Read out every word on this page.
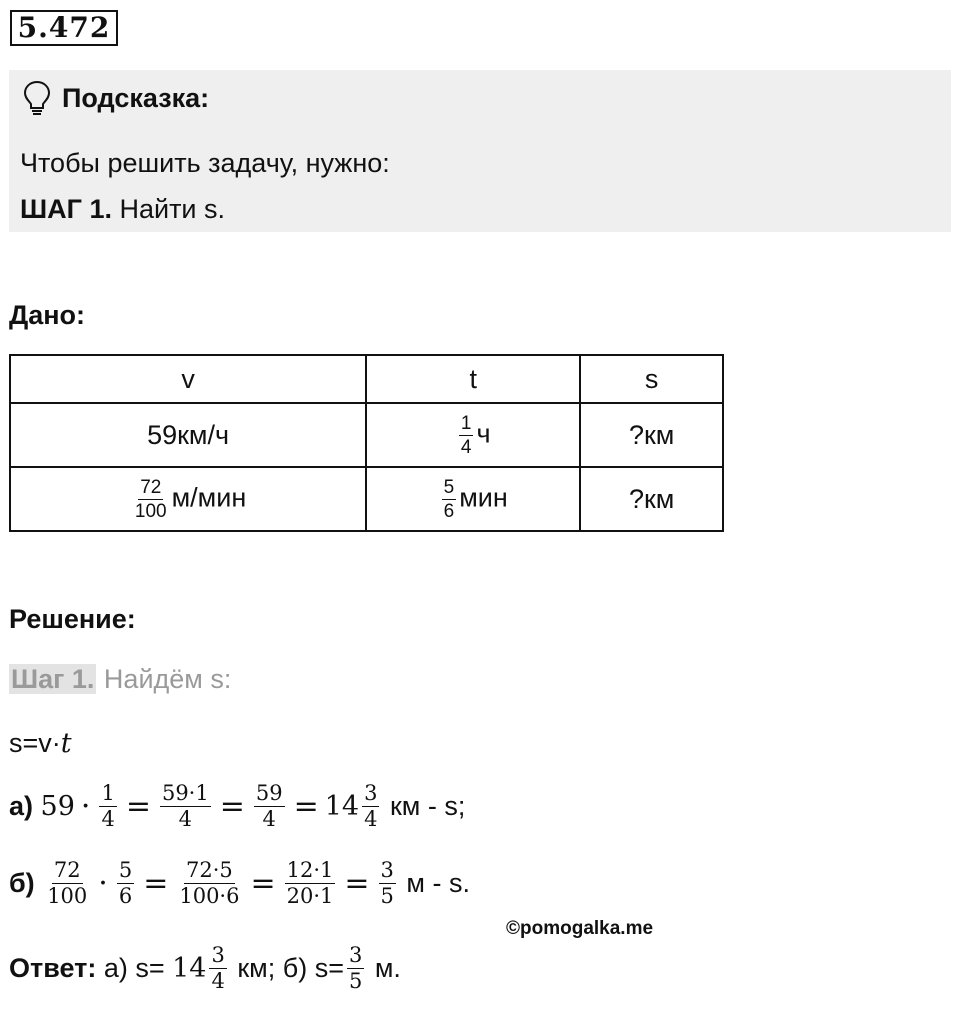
5.472
Подсказка:
Чтобы решить задачу, нужно:
ШАГ 1. Найти s.
Дано:
v	t	s
59км/ч	$\frac{1}{4}$ ч	?км

$\frac{72}{100} м/мин$	$\frac{5}{6}$ мин	?км
Решение:
Шаг 1. Найдём s:
s=v·t
а)
$59 \cdot \frac{1}{4} = \frac{59\cdot 1}{4} = \frac{59}{4} = 14 \frac{3}{4}$
км - s;
б)
$\frac{72}{100} \cdot \frac{5}{6} = \frac{72\cdot 5}{100\cdot 6} = \frac{12\cdot 1}{20\cdot 1} = \frac{3}{5}$
м - s.
©pomogalka.me
Ответ: а) $s= 14 \frac{3}{4}$ км; б) $s= \frac{3}{5} м$.
